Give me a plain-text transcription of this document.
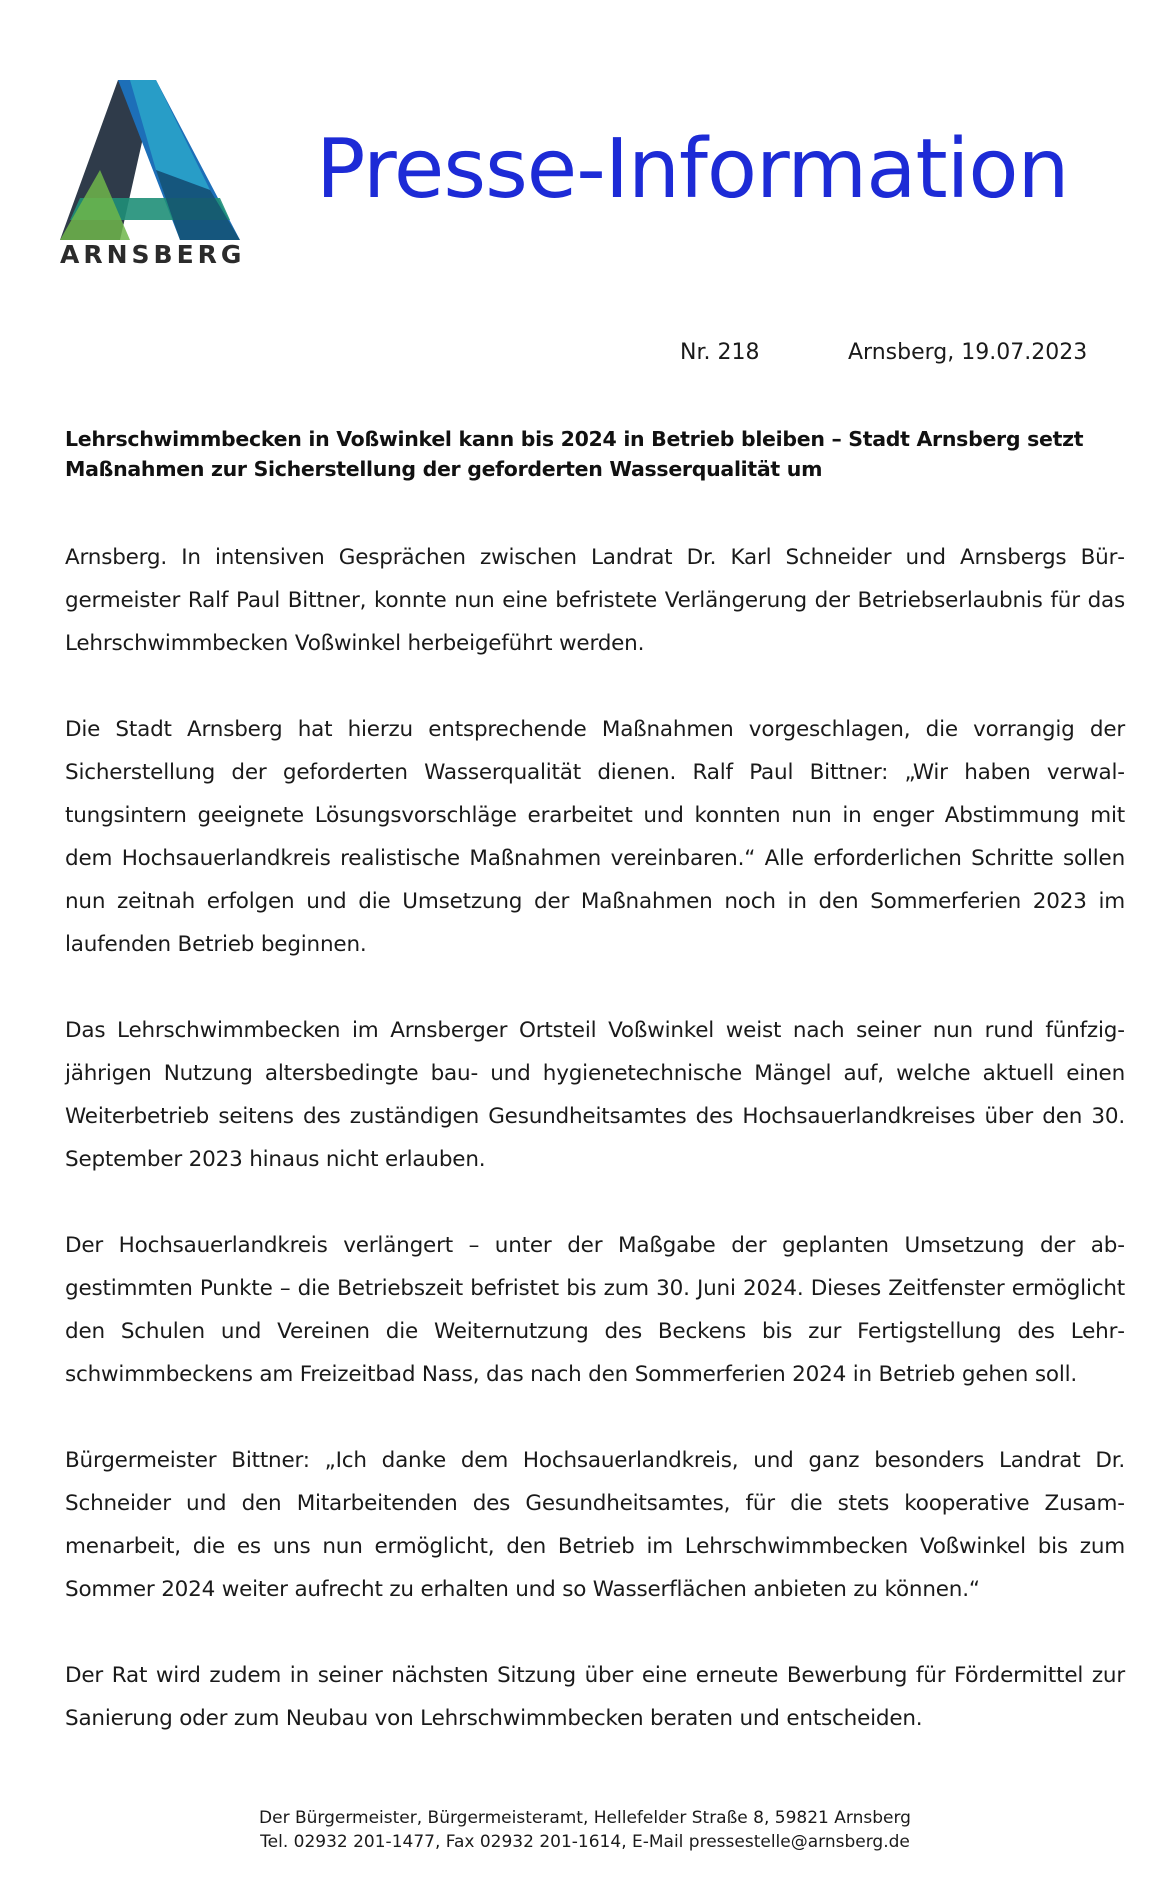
ARNSBERG
Presse-Information
Nr. 218	Arnsberg, 19.07.2023
Lehrschwimmbecken in Voßwinkel kann bis 2024 in Betrieb bleiben – Stadt Arnsberg setzt Maßnahmen zur Sicherstellung der geforderten Wasserqualität um

Arnsberg. In intensiven Gesprächen zwischen Landrat Dr. Karl Schneider und Arnsbergs Bürgermeister Ralf Paul Bittner, konnte nun eine befristete Verlängerung der Betriebserlaubnis für das Lehrschwimmbecken Voßwinkel herbeigeführt werden.

Die Stadt Arnsberg hat hierzu entsprechende Maßnahmen vorgeschlagen, die vorrangig der Sicherstellung der geforderten Wasserqualität dienen. Ralf Paul Bittner: „Wir haben verwaltungsintern geeignete Lösungsvorschläge erarbeitet und konnten nun in enger Abstimmung mit dem Hochsauerlandkreis realistische Maßnahmen vereinbaren.“ Alle erforderlichen Schritte sollen nun zeitnah erfolgen und die Umsetzung der Maßnahmen noch in den Sommerferien 2023 im laufenden Betrieb beginnen.

Das Lehrschwimmbecken im Arnsberger Ortsteil Voßwinkel weist nach seiner nun rund fünfzigjährigen Nutzung altersbedingte bau- und hygienetechnische Mängel auf, welche aktuell einen Weiterbetrieb seitens des zuständigen Gesundheitsamtes des Hochsauerlandkreises über den 30. September 2023 hinaus nicht erlauben.

Der Hochsauerlandkreis verlängert – unter der Maßgabe der geplanten Umsetzung der abgestimmten Punkte – die Betriebszeit befristet bis zum 30. Juni 2024. Dieses Zeitfenster ermöglicht den Schulen und Vereinen die Weiternutzung des Beckens bis zur Fertigstellung des Lehrschwimmbeckens am Freizeitbad Nass, das nach den Sommerferien 2024 in Betrieb gehen soll.

Bürgermeister Bittner: „Ich danke dem Hochsauerlandkreis, und ganz besonders Landrat Dr. Schneider und den Mitarbeitenden des Gesundheitsamtes, für die stets kooperative Zusammenarbeit, die es uns nun ermöglicht, den Betrieb im Lehrschwimmbecken Voßwinkel bis zum Sommer 2024 weiter aufrecht zu erhalten und so Wasserflächen anbieten zu können.“

Der Rat wird zudem in seiner nächsten Sitzung über eine erneute Bewerbung für Fördermittel zur Sanierung oder zum Neubau von Lehrschwimmbecken beraten und entscheiden.

Der Bürgermeister, Bürgermeisteramt, Hellefelder Straße 8, 59821 Arnsberg
Tel. 02932 201-1477, Fax 02932 201-1614, E-Mail pressestelle@arnsberg.de
